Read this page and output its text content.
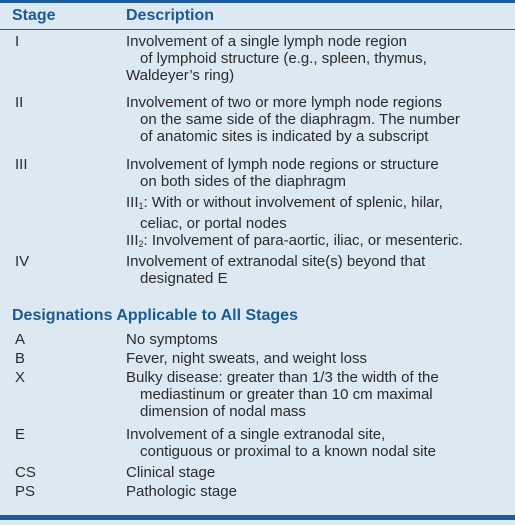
Stage	Description
I	Involvement of a single lymph node region
of lymphoid structure (e.g., spleen, thymus,
Waldeyer’s ring)
II	Involvement of two or more lymph node regions
on the same side of the diaphragm. The number
of anatomic sites is indicated by a subscript
III	Involvement of lymph node regions or structure
on both sides of the diaphragm
$III_1$: With or without involvement of splenic, hilar,
celiac, or portal nodes
$III_2$: Involvement of para-aortic, iliac, or mesenteric.
IV	Involvement of extranodal site(s) beyond that
designated E
Designations Applicable to All Stages
A	No symptoms
B	Fever, night sweats, and weight loss
X	Bulky disease: greater than 1/3 the width of the
mediastinum or greater than 10 cm maximal
dimension of nodal mass
E	Involvement of a single extranodal site,
contiguous or proximal to a known nodal site
CS	Clinical stage
PS	Pathologic stage
